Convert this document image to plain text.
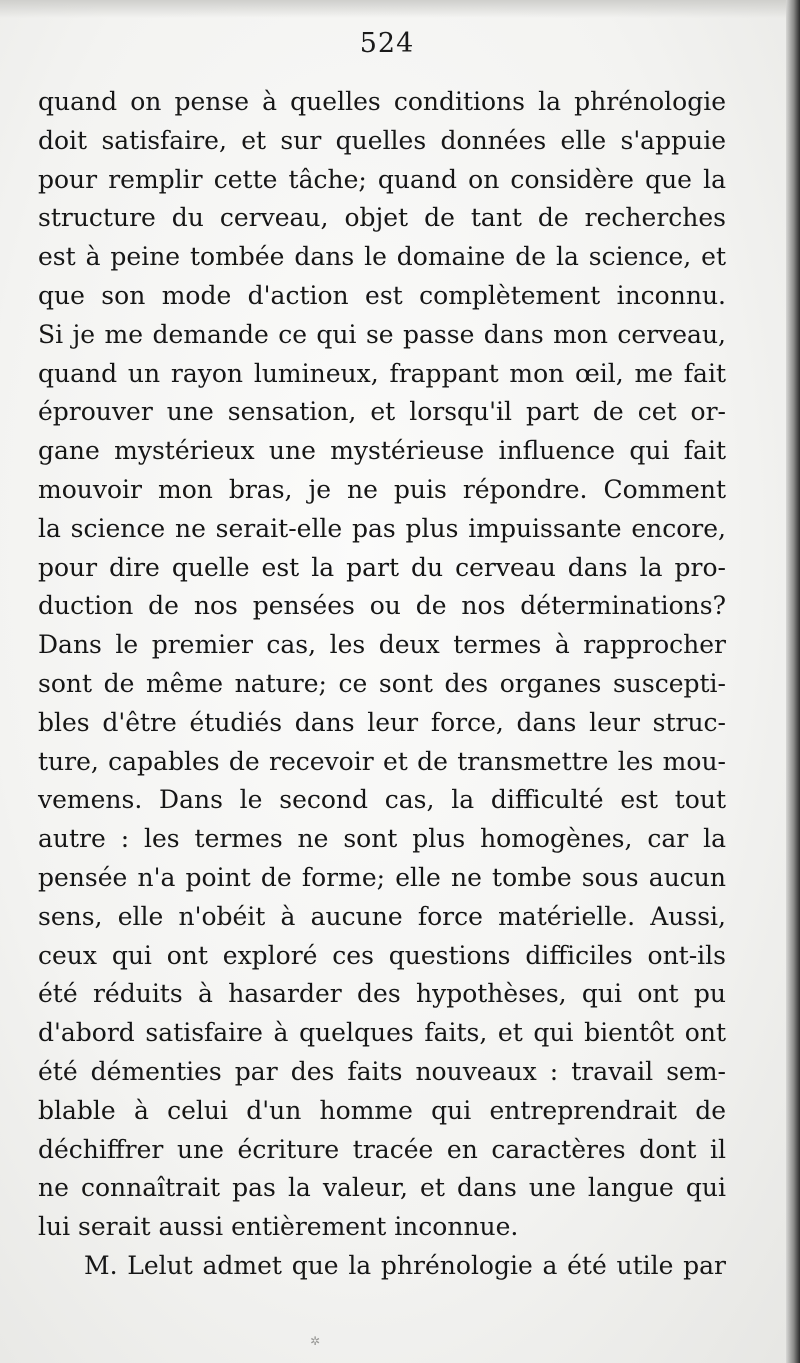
524
quand on pense à quelles conditions la phrénologie
doit satisfaire, et sur quelles données elle s'appuie
pour remplir cette tâche; quand on considère que la
structure du cerveau, objet de tant de recherches
est à peine tombée dans le domaine de la science, et
que son mode d'action est complètement inconnu.
Si je me demande ce qui se passe dans mon cerveau,
quand un rayon lumineux, frappant mon œil, me fait
éprouver une sensation, et lorsqu'il part de cet or-
gane mystérieux une mystérieuse influence qui fait
mouvoir mon bras, je ne puis répondre. Comment
la science ne serait-elle pas plus impuissante encore,
pour dire quelle est la part du cerveau dans la pro-
duction de nos pensées ou de nos déterminations?
Dans le premier cas, les deux termes à rapprocher
sont de même nature; ce sont des organes suscepti-
bles d'être étudiés dans leur force, dans leur struc-
ture, capables de recevoir et de transmettre les mou-
vemens. Dans le second cas, la difficulté est tout
autre : les termes ne sont plus homogènes, car la
pensée n'a point de forme; elle ne tombe sous aucun
sens, elle n'obéit à aucune force matérielle. Aussi,
ceux qui ont exploré ces questions difficiles ont-ils
été réduits à hasarder des hypothèses, qui ont pu
d'abord satisfaire à quelques faits, et qui bientôt ont
été démenties par des faits nouveaux : travail sem-
blable à celui d'un homme qui entreprendrait de
déchiffrer une écriture tracée en caractères dont il
ne connaîtrait pas la valeur, et dans une langue qui
lui serait aussi entièrement inconnue.
M. Lelut admet que la phrénologie a été utile par
✲
